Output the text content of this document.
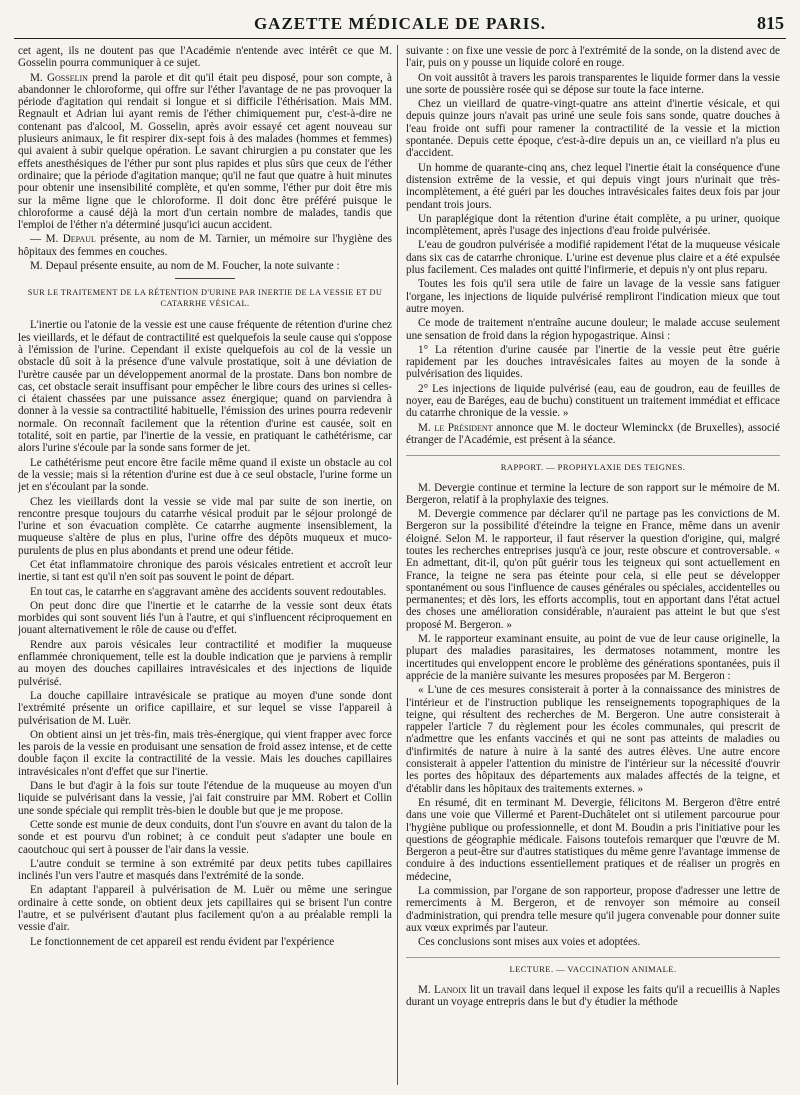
GAZETTE MÉDICALE DE PARIS.	815

cet agent, ils ne doutent pas que l'Académie n'entende avec intérêt ce que M. Gosselin pourra communiquer à ce sujet.

M. Gosselin prend la parole et dit qu'il était peu disposé, pour son compte, à abandonner le chloroforme, qui offre sur l'éther l'avantage de ne pas provoquer la période d'agitation qui rendait si longue et si difficile l'éthérisation. Mais MM. Regnault et Adrian lui ayant remis de l'éther chimiquement pur, c'est-à-dire ne contenant pas d'alcool, M. Gosselin, après avoir essayé cet agent nouveau sur plusieurs animaux, le fit respirer dix-sept fois à des malades (hommes et femmes) qui avaient à subir quelque opération. Le savant chirurgien a pu constater que les effets anesthésiques de l'éther pur sont plus rapides et plus sûrs que ceux de l'éther ordinaire; que la période d'agitation manque; qu'il ne faut que quatre à huit minutes pour obtenir une insensibilité complète, et qu'en somme, l'éther pur doit être mis sur la même ligne que le chloroforme. Il doit donc être préféré puisque le chloroforme a causé déjà la mort d'un certain nombre de malades, tandis que l'emploi de l'éther n'a déterminé jusqu'ici aucun accident.

— M. Depaul présente, au nom de M. Tarnier, un mémoire sur l'hygiène des hôpitaux des femmes en couches.

M. Depaul présente ensuite, au nom de M. Foucher, la note suivante :

SUR LE TRAITEMENT DE LA RÉTENTION D'URINE PAR INERTIE DE LA VESSIE ET DU CATARRHE VÉSICAL.

L'inertie ou l'atonie de la vessie est une cause fréquente de rétention d'urine chez les vieillards, et le défaut de contractilité est quelquefois la seule cause qui s'oppose à l'émission de l'urine. Cependant il existe quelquefois au col de la vessie un obstacle dû soit à la présence d'une valvule prostatique, soit à une déviation de l'urètre causée par un développement anormal de la prostate. Dans bon nombre de cas, cet obstacle serait insuffisant pour empêcher le libre cours des urines si celles-ci étaient chassées par une puissance assez énergique; quand on parviendra à donner à la vessie sa contractilité habituelle, l'émission des urines pourra redevenir normale. On reconnaît facilement que la rétention d'urine est causée, soit en totalité, soit en partie, par l'inertie de la vessie, en pratiquant le cathétérisme, car alors l'urine s'écoule par la sonde sans former de jet.

Le cathétérisme peut encore être facile même quand il existe un obstacle au col de la vessie; mais si la rétention d'urine est due à ce seul obstacle, l'urine forme un jet en s'écoulant par la sonde.

Chez les vieillards dont la vessie se vide mal par suite de son inertie, on rencontre presque toujours du catarrhe vésical produit par le séjour prolongé de l'urine et son évacuation complète. Ce catarrhe augmente insensiblement, la muqueuse s'altère de plus en plus, l'urine offre des dépôts muqueux et muco-purulents de plus en plus abondants et prend une odeur fétide.

Cet état inflammatoire chronique des parois vésicales entretient et accroît leur inertie, si tant est qu'il n'en soit pas souvent le point de départ.

En tout cas, le catarrhe en s'aggravant amène des accidents souvent redoutables.

On peut donc dire que l'inertie et le catarrhe de la vessie sont deux états morbides qui sont souvent liés l'un à l'autre, et qui s'influencent réciproquement en jouant alternativement le rôle de cause ou d'effet.

Rendre aux parois vésicales leur contractilité et modifier la muqueuse enflammée chroniquement, telle est la double indication que je parviens à remplir au moyen des douches capillaires intravésicales et des injections de liquide pulvérisé.

La douche capillaire intravésicale se pratique au moyen d'une sonde dont l'extrémité présente un orifice capillaire, et sur lequel se visse l'appareil à pulvérisation de M. Luër.

On obtient ainsi un jet très-fin, mais très-énergique, qui vient frapper avec force les parois de la vessie en produisant une sensation de froid assez intense, et de cette double façon il excite la contractilité de la vessie. Mais les douches capillaires intravésicales n'ont d'effet que sur l'inertie.

Dans le but d'agir à la fois sur toute l'étendue de la muqueuse au moyen d'un liquide se pulvérisant dans la vessie, j'ai fait construire par MM. Robert et Collin une sonde spéciale qui remplit très-bien le double but que je me propose.

Cette sonde est munie de deux conduits, dont l'un s'ouvre en avant du talon de la sonde et est pourvu d'un robinet; à ce conduit peut s'adapter une boule en caoutchouc qui sert à pousser de l'air dans la vessie.

L'autre conduit se termine à son extrémité par deux petits tubes capillaires inclinés l'un vers l'autre et masqués dans l'extrémité de la sonde.

En adaptant l'appareil à pulvérisation de M. Luër ou même une seringue ordinaire à cette sonde, on obtient deux jets capillaires qui se brisent l'un contre l'autre, et se pulvérisent d'autant plus facilement qu'on a au préalable rempli la vessie d'air.

Le fonctionnement de cet appareil est rendu évident par l'expérience

suivante : on fixe une vessie de porc à l'extrémité de la sonde, on la distend avec de l'air, puis on y pousse un liquide coloré en rouge.

On voit aussitôt à travers les parois transparentes le liquide former dans la vessie une sorte de poussière rosée qui se dépose sur toute la face interne.

Chez un vieillard de quatre-vingt-quatre ans atteint d'inertie vésicale, et qui depuis quinze jours n'avait pas uriné une seule fois sans sonde, quatre douches à l'eau froide ont suffi pour ramener la contractilité de la vessie et la miction spontanée. Depuis cette époque, c'est-à-dire depuis un an, ce vieillard n'a plus eu d'accident.

Un homme de quarante-cinq ans, chez lequel l'inertie était la conséquence d'une distension extrême de la vessie, et qui depuis vingt jours n'urinait que très-incomplètement, a été guéri par les douches intravésicales faites deux fois par jour pendant trois jours.

Un paraplégique dont la rétention d'urine était complète, a pu uriner, quoique incomplètement, après l'usage des injections d'eau froide pulvérisée.

L'eau de goudron pulvérisée a modifié rapidement l'état de la muqueuse vésicale dans six cas de catarrhe chronique. L'urine est devenue plus claire et a été expulsée plus facilement. Ces malades ont quitté l'infirmerie, et depuis n'y ont plus reparu.

Toutes les fois qu'il sera utile de faire un lavage de la vessie sans fatiguer l'organe, les injections de liquide pulvérisé rempliront l'indication mieux que tout autre moyen.

Ce mode de traitement n'entraîne aucune douleur; le malade accuse seulement une sensation de froid dans la région hypogastrique. Ainsi :

1° La rétention d'urine causée par l'inertie de la vessie peut être guérie rapidement par les douches intravésicales faites au moyen de la sonde à pulvérisation des liquides.

2° Les injections de liquide pulvérisé (eau, eau de goudron, eau de feuilles de noyer, eau de Baréges, eau de buchu) constituent un traitement immédiat et efficace du catarrhe chronique de la vessie. »

M. le Président annonce que M. le docteur Wleminckx (de Bruxelles), associé étranger de l'Académie, est présent à la séance.

RAPPORT. — PROPHYLAXIE DES TEIGNES.

M. Devergie continue et termine la lecture de son rapport sur le mémoire de M. Bergeron, relatif à la prophylaxie des teignes.

M. Devergie commence par déclarer qu'il ne partage pas les convictions de M. Bergeron sur la possibilité d'éteindre la teigne en France, même dans un avenir éloigné. Selon M. le rapporteur, il faut réserver la question d'origine, qui, malgré toutes les recherches entreprises jusqu'à ce jour, reste obscure et controversable. « En admettant, dit-il, qu'on pût guérir tous les teigneux qui sont actuellement en France, la teigne ne sera pas éteinte pour cela, si elle peut se développer spontanément ou sous l'influence de causes générales ou spéciales, accidentelles ou permanentes; et dès lors, les efforts accomplis, tout en apportant dans l'état actuel des choses une amélioration considérable, n'auraient pas atteint le but que s'est proposé M. Bergeron. »

M. le rapporteur examinant ensuite, au point de vue de leur cause originelle, la plupart des maladies parasitaires, les dermatoses notamment, montre les incertitudes qui enveloppent encore le problème des générations spontanées, puis il apprécie de la manière suivante les mesures proposées par M. Bergeron :

« L'une de ces mesures consisterait à porter à la connaissance des ministres de l'intérieur et de l'instruction publique les renseignements topographiques de la teigne, qui résultent des recherches de M. Bergeron. Une autre consisterait à rappeler l'article 7 du règlement pour les écoles communales, qui prescrit de n'admettre que les enfants vaccinés et qui ne sont pas atteints de maladies ou d'infirmités de nature à nuire à la santé des autres élèves. Une autre encore consisterait à appeler l'attention du ministre de l'intérieur sur la nécessité d'ouvrir les portes des hôpitaux des départements aux malades affectés de la teigne, et d'établir dans les hôpitaux des traitements externes. »

En résumé, dit en terminant M. Devergie, félicitons M. Bergeron d'être entré dans une voie que Villermé et Parent-Duchâtelet ont si utilement parcourue pour l'hygiène publique ou professionnelle, et dont M. Boudin a pris l'initiative pour les questions de géographie médicale. Faisons toutefois remarquer que l'œuvre de M. Bergeron a peut-être sur d'autres statistiques du même genre l'avantage immense de conduire à des inductions essentiellement pratiques et de réaliser un progrès en médecine,

La commission, par l'organe de son rapporteur, propose d'adresser une lettre de remerciments à M. Bergeron, et de renvoyer son mémoire au conseil d'administration, qui prendra telle mesure qu'il jugera convenable pour donner suite aux vœux exprimés par l'auteur.

Ces conclusions sont mises aux voies et adoptées.

LECTURE. — VACCINATION ANIMALE.

M. Lanoix lit un travail dans lequel il expose les faits qu'il a recueillis à Naples durant un voyage entrepris dans le but d'y étudier la méthode
